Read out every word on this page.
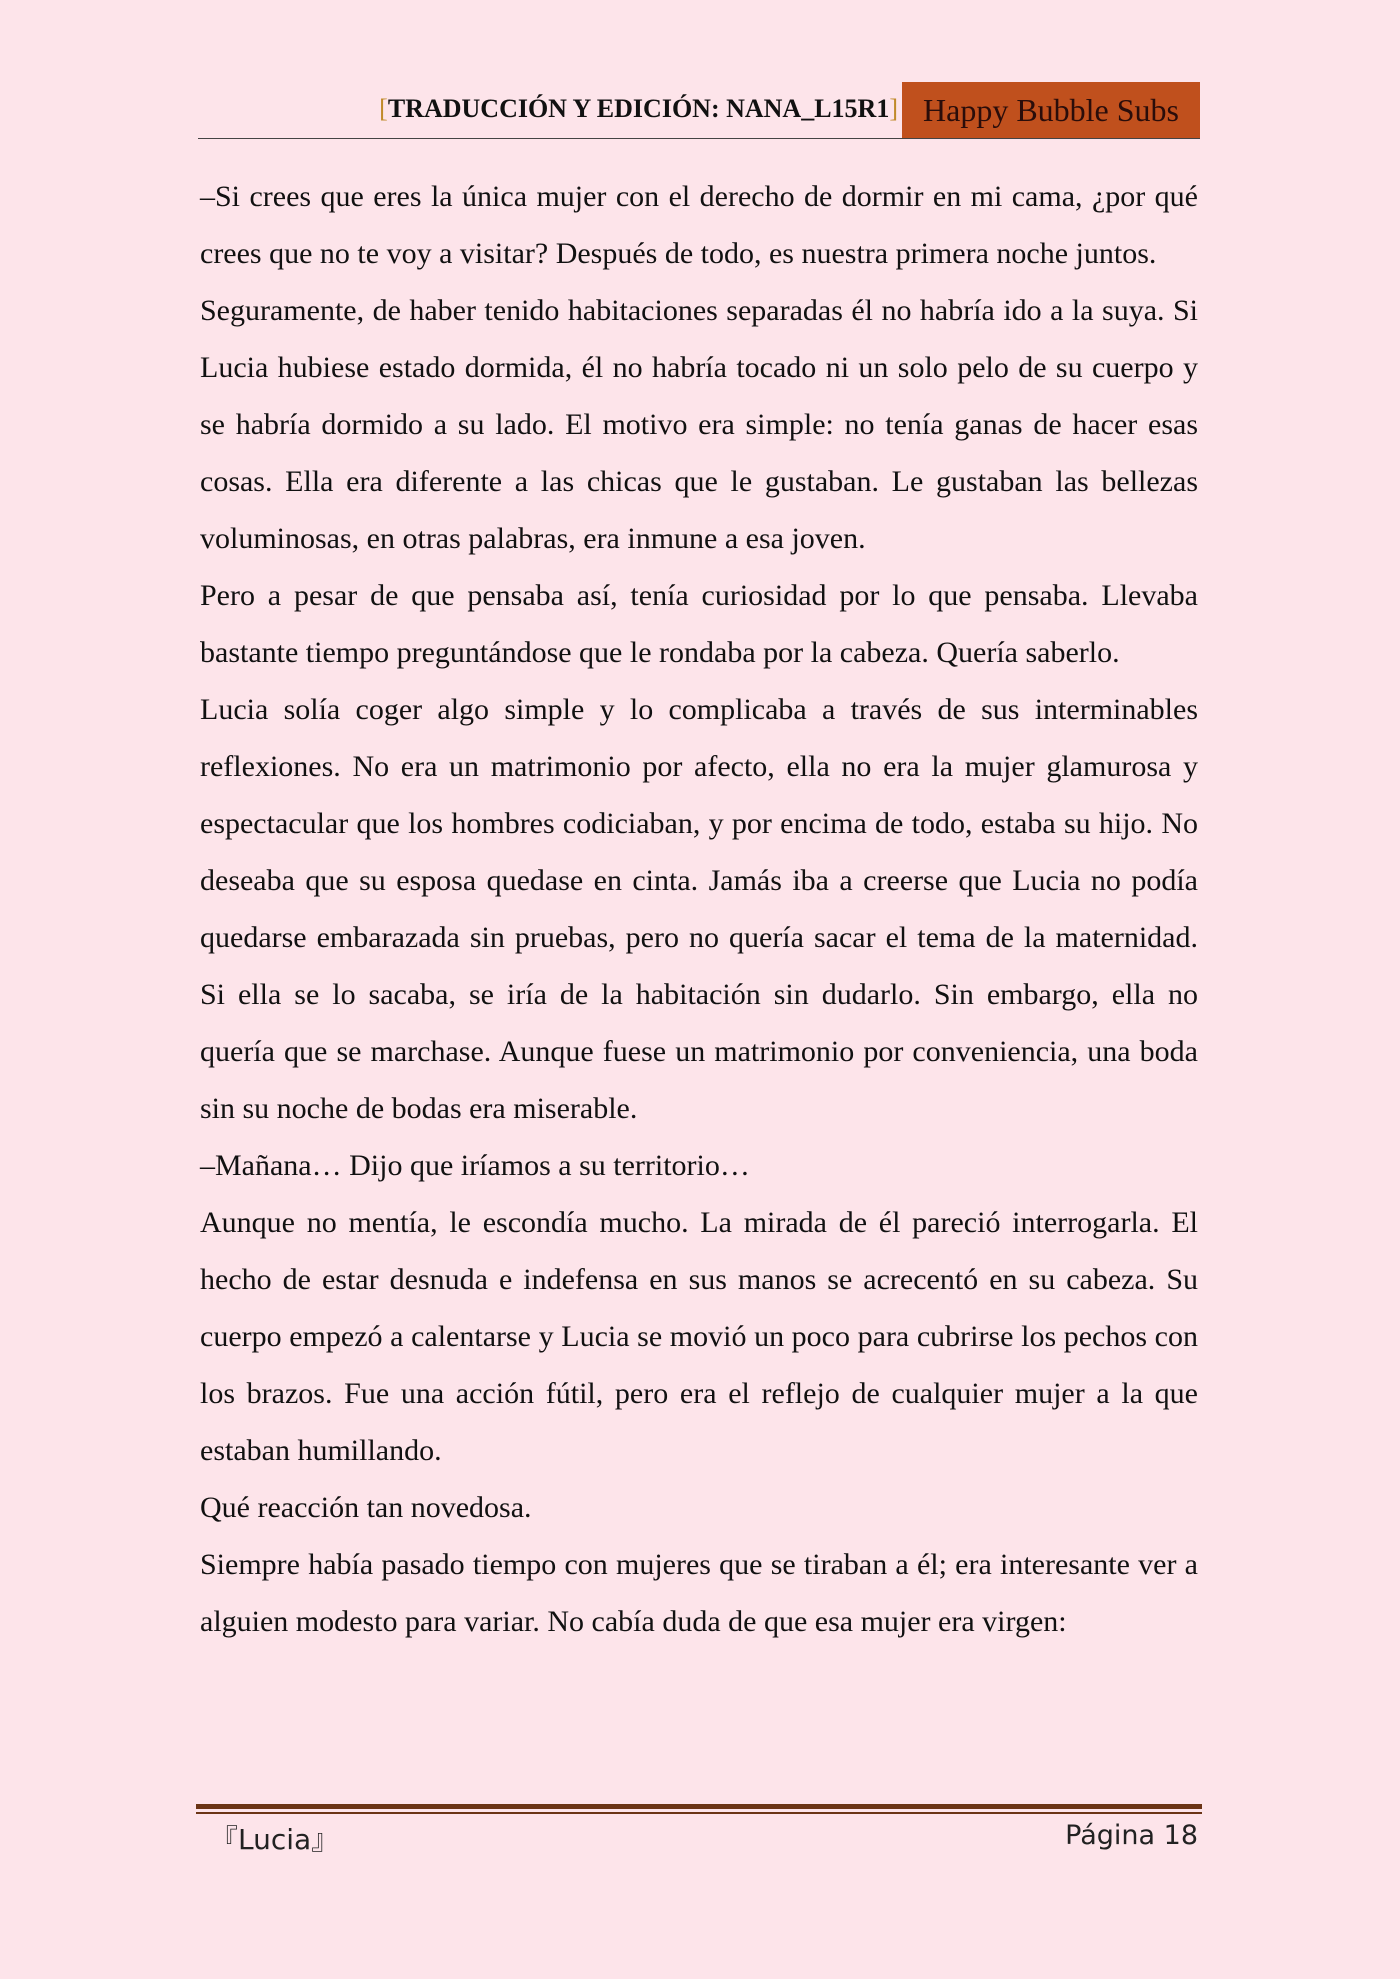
[TRADUCCIÓN Y EDICIÓN: NANA_L15R1] Happy Bubble Subs

–Si crees que eres la única mujer con el derecho de dormir en mi cama, ¿por qué crees que no te voy a visitar? Después de todo, es nuestra primera noche juntos.

Seguramente, de haber tenido habitaciones separadas él no habría ido a la suya. Si Lucia hubiese estado dormida, él no habría tocado ni un solo pelo de su cuerpo y se habría dormido a su lado. El motivo era simple: no tenía ganas de hacer esas cosas. Ella era diferente a las chicas que le gustaban. Le gustaban las bellezas voluminosas, en otras palabras, era inmune a esa joven.

Pero a pesar de que pensaba así, tenía curiosidad por lo que pensaba. Llevaba bastante tiempo preguntándose que le rondaba por la cabeza. Quería saberlo.

Lucia solía coger algo simple y lo complicaba a través de sus interminables reflexiones. No era un matrimonio por afecto, ella no era la mujer glamurosa y espectacular que los hombres codiciaban, y por encima de todo, estaba su hijo. No deseaba que su esposa quedase en cinta. Jamás iba a creerse que Lucia no podía quedarse embarazada sin pruebas, pero no quería sacar el tema de la maternidad. Si ella se lo sacaba, se iría de la habitación sin dudarlo. Sin embargo, ella no quería que se marchase. Aunque fuese un matrimonio por conveniencia, una boda sin su noche de bodas era miserable.

–Mañana… Dijo que iríamos a su territorio…

Aunque no mentía, le escondía mucho. La mirada de él pareció interrogarla. El hecho de estar desnuda e indefensa en sus manos se acrecentó en su cabeza. Su cuerpo empezó a calentarse y Lucia se movió un poco para cubrirse los pechos con los brazos. Fue una acción fútil, pero era el reflejo de cualquier mujer a la que estaban humillando.

Qué reacción tan novedosa.

Siempre había pasado tiempo con mujeres que se tiraban a él; era interesante ver a alguien modesto para variar. No cabía duda de que esa mujer era virgen:

『Lucia』	Página 18
